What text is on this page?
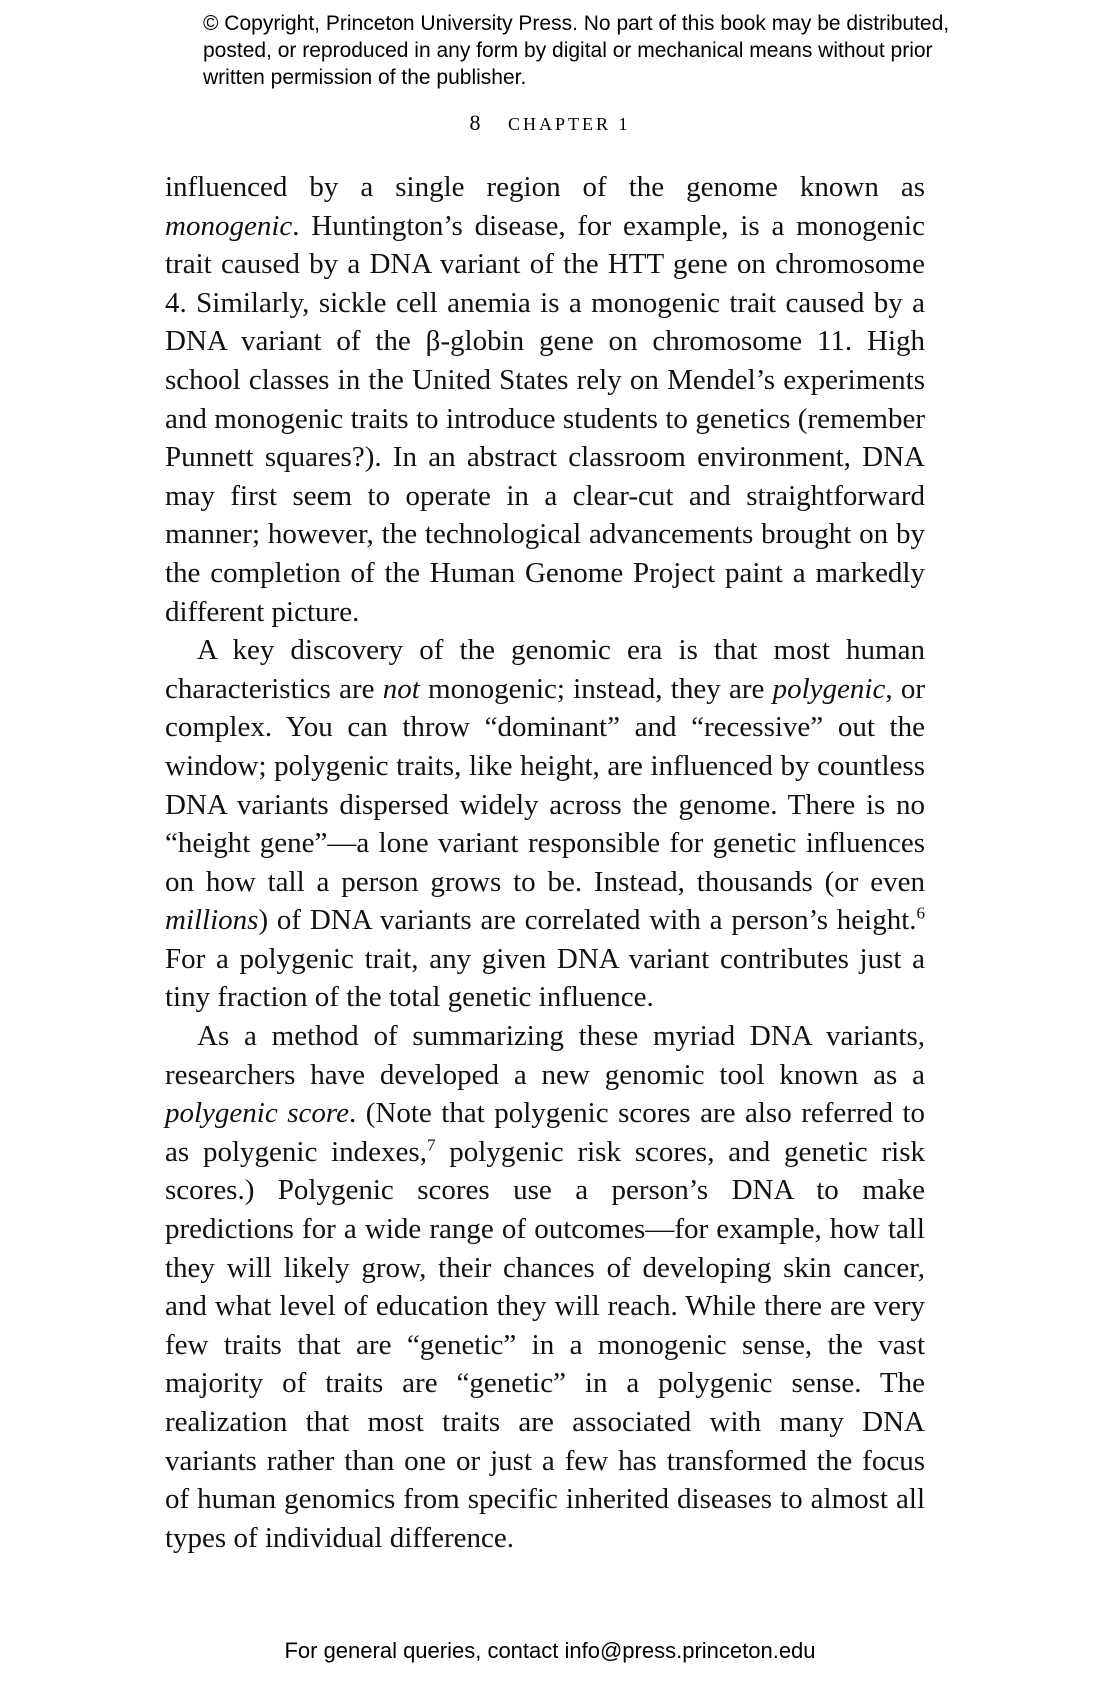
© Copyright, Princeton University Press. No part of this book may be distributed, posted, or reproduced in any form by digital or mechanical means without prior written permission of the publisher.

8 CHAPTER 1

influenced by a single region of the genome known as monogenic. Huntington’s disease, for example, is a monogenic trait caused by a DNA variant of the HTT gene on chromosome 4. Similarly, sickle cell anemia is a monogenic trait caused by a DNA variant of the β-globin gene on chromosome 11. High school classes in the United States rely on Mendel’s experiments and monogenic traits to introduce students to genetics (remember Punnett squares?). In an abstract classroom environment, DNA may first seem to operate in a clear-cut and straightforward manner; however, the technological advancements brought on by the completion of the Human Genome Project paint a markedly different picture.

A key discovery of the genomic era is that most human characteristics are not monogenic; instead, they are polygenic, or complex. You can throw “dominant” and “recessive” out the window; polygenic traits, like height, are influenced by countless DNA variants dispersed widely across the genome. There is no “height gene”—a lone variant responsible for genetic influences on how tall a person grows to be. Instead, thousands (or even millions) of DNA variants are correlated with a person’s height.$^6$ For a polygenic trait, any given DNA variant contributes just a tiny fraction of the total genetic influence.

As a method of summarizing these myriad DNA variants, researchers have developed a new genomic tool known as a polygenic score. (Note that polygenic scores are also referred to as polygenic indexes,$^7$ polygenic risk scores, and genetic risk scores.) Polygenic scores use a person’s DNA to make predictions for a wide range of outcomes—for example, how tall they will likely grow, their chances of developing skin cancer, and what level of education they will reach. While there are very few traits that are “genetic” in a monogenic sense, the vast majority of traits are “genetic” in a polygenic sense. The realization that most traits are associated with many DNA variants rather than one or just a few has transformed the focus of human genomics from specific inherited diseases to almost all types of individual difference.

For general queries, contact info@press.princeton.edu
